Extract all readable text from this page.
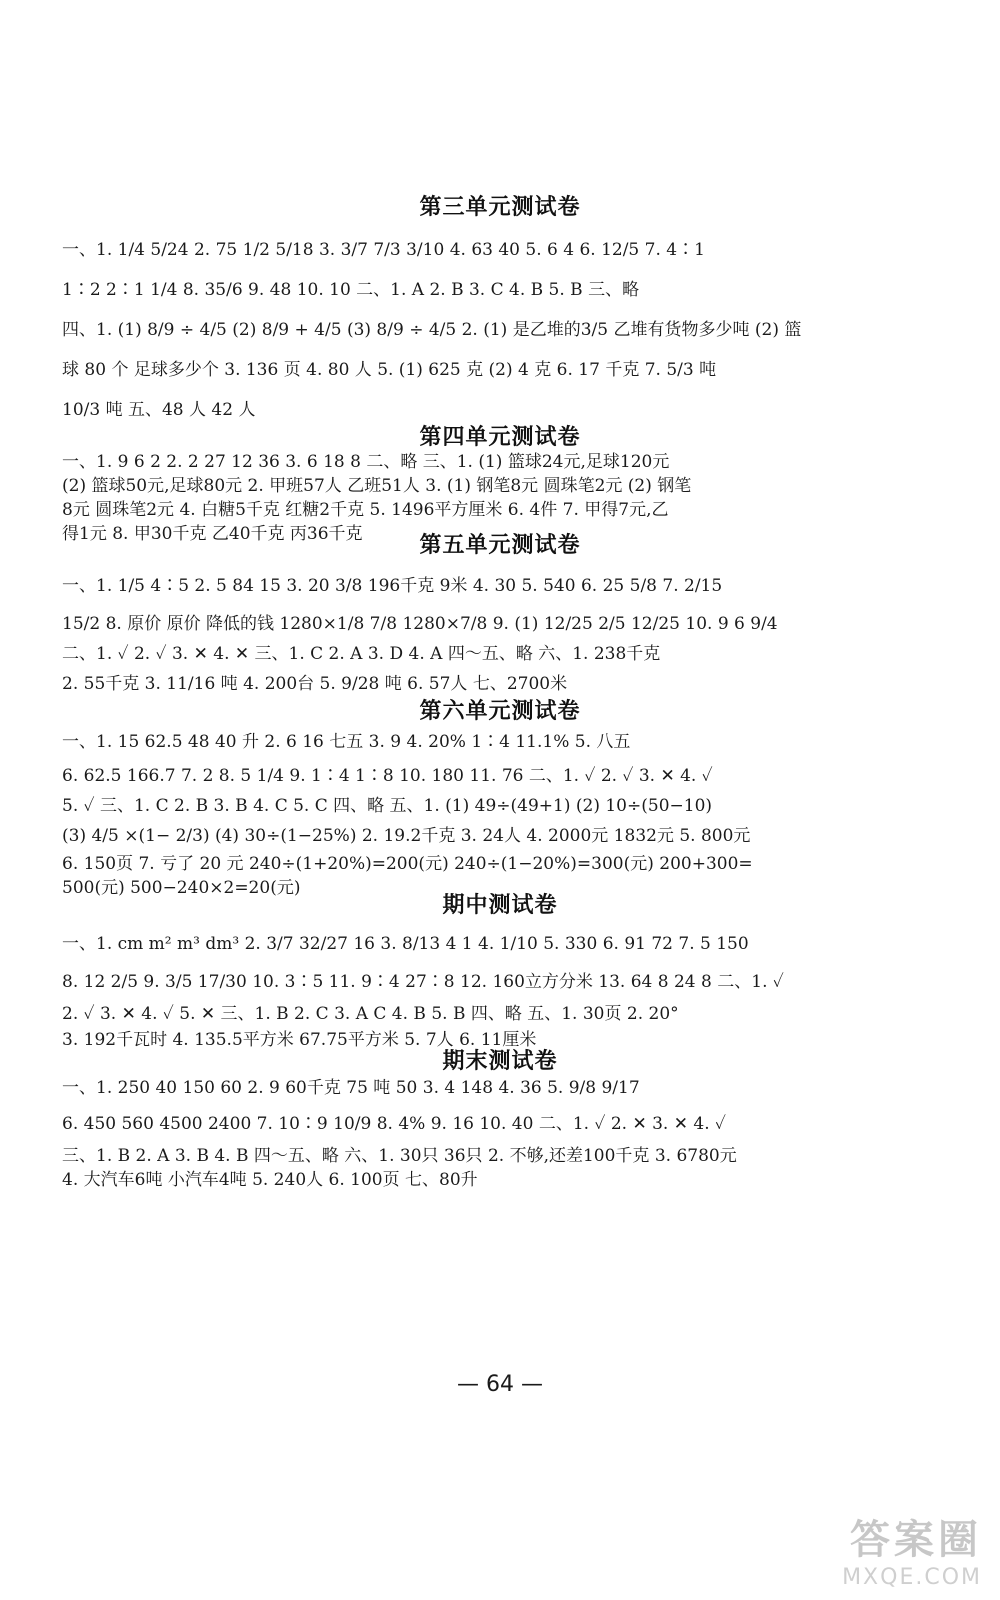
第三单元测试卷
一、1. 1/4 5/24 2. 75 1/2 5/18 3. 3/7 7/3 3/10 4. 63 40 5. 6 4 6. 12/5 7. 4∶1
1∶2 2∶1 1/4 8. 35/6 9. 48 10. 10 二、1. A 2. B 3. C 4. B 5. B 三、略
四、1. (1) 8/9 ÷ 4/5 (2) 8/9 + 4/5 (3) 8/9 ÷ 4/5 2. (1) 是乙堆的3/5 乙堆有货物多少吨 (2) 篮
球 80 个 足球多少个 3. 136 页 4. 80 人 5. (1) 625 克 (2) 4 克 6. 17 千克 7. 5/3 吨
10/3 吨 五、48 人 42 人
第四单元测试卷
一、1. 9 6 2 2. 2 27 12 36 3. 6 18 8 二、略 三、1. (1) 篮球24元,足球120元
(2) 篮球50元,足球80元 2. 甲班57人 乙班51人 3. (1) 钢笔8元 圆珠笔2元 (2) 钢笔
8元 圆珠笔2元 4. 白糖5千克 红糖2千克 5. 1496平方厘米 6. 4件 7. 甲得7元,乙
得1元 8. 甲30千克 乙40千克 丙36千克	第五单元测试卷
一、1. 1/5 4∶5 2. 5 84 15 3. 20 3/8 196千克 9米 4. 30 5. 540 6. 25 5/8 7. 2/15
15/2 8. 原价 原价 降低的钱 1280×1/8 7/8 1280×7/8 9. (1) 12/25 2/5 12/25 10. 9 6 9/4
二、1. ✓ 2. ✓ 3. ✕ 4. ✕ 三、1. C 2. A 3. D 4. A 四～五、略 六、1. 238千克
2. 55千克 3. 11/16 吨 4. 200台 5. 9/28 吨 6. 57人 七、2700米
第六单元测试卷
一、1. 15 62.5 48 40 升 2. 6 16 七五 3. 9 4. 20% 1∶4 11.1% 5. 八五
6. 62.5 166.7 7. 2 8. 5 1/4 9. 1∶4 1∶8 10. 180 11. 76 二、1. ✓ 2. ✓ 3. ✕ 4. ✓
5. ✓ 三、1. C 2. B 3. B 4. C 5. C 四、略 五、1. (1) 49÷(49+1) (2) 10÷(50−10)
(3) 4/5 ×(1− 2/3) (4) 30÷(1−25%) 2. 19.2千克 3. 24人 4. 2000元 1832元 5. 800元
6. 150页 7. 亏了 20 元 240÷(1+20%)=200(元) 240÷(1−20%)=300(元) 200+300=
500(元) 500−240×2=20(元)
期中测试卷
一、1. cm m² m³ dm³ 2. 3/7 32/27 16 3. 8/13 4 1 4. 1/10 5. 330 6. 91 72 7. 5 150
8. 12 2/5 9. 3/5 17/30 10. 3∶5 11. 9∶4 27∶8 12. 160立方分米 13. 64 8 24 8 二、1. ✓
2. ✓ 3. ✕ 4. ✓ 5. ✕ 三、1. B 2. C 3. A C 4. B 5. B 四、略 五、1. 30页 2. 20°
3. 192千瓦时 4. 135.5平方米 67.75平方米 5. 7人 6. 11厘米
期末测试卷
一、1. 250 40 150 60 2. 9 60千克 75 吨 50 3. 4 148 4. 36 5. 9/8 9/17
6. 450 560 4500 2400 7. 10∶9 10/9 8. 4% 9. 16 10. 40 二、1. ✓ 2. ✕ 3. ✕ 4. ✓
三、1. B 2. A 3. B 4. B 四～五、略 六、1. 30只 36只 2. 不够,还差100千克 3. 6780元
4. 大汽车6吨 小汽车4吨 5. 240人 6. 100页 七、80升
— 64 —
答案圈
MXQE.COM
